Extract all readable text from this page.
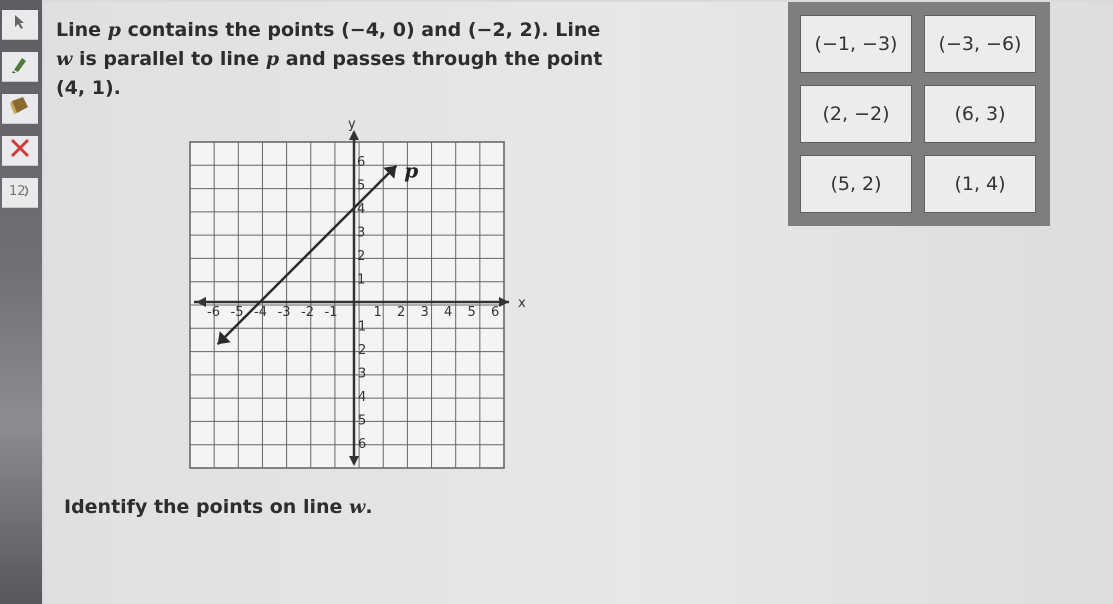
12
Line p contains the points (−4, 0) and (−2, 2). Line
w is parallel to line p and passes through the point
(4, 1).
x
y
-6 -5 -4 -3 -2 -1	1 2 3 4 5 6
6
5
4
3
2
1
1
2
3
4
5
6
p
Identify the points on line w.
(−1, −3)	(−3, −6)
(2, −2)	(6, 3)
(5, 2)	(1, 4)
